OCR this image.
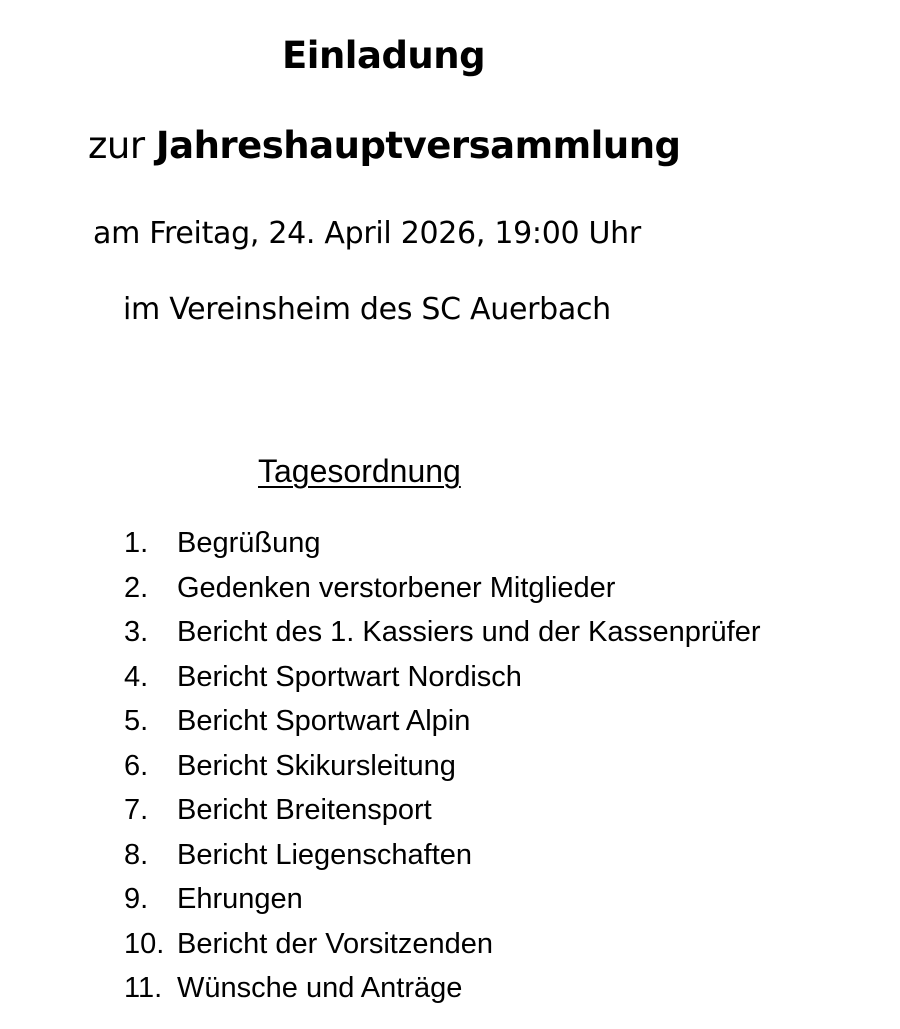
Einladung
zur Jahreshauptversammlung
am Freitag, 24. April 2026, 19:00 Uhr
im Vereinsheim des SC Auerbach
Tagesordnung
1. Begrüßung
2. Gedenken verstorbener Mitglieder
3. Bericht des 1. Kassiers und der Kassenprüfer
4. Bericht Sportwart Nordisch
5. Bericht Sportwart Alpin
6. Bericht Skikursleitung
7. Bericht Breitensport
8. Bericht Liegenschaften
9. Ehrungen
10. Bericht der Vorsitzenden
11. Wünsche und Anträge
